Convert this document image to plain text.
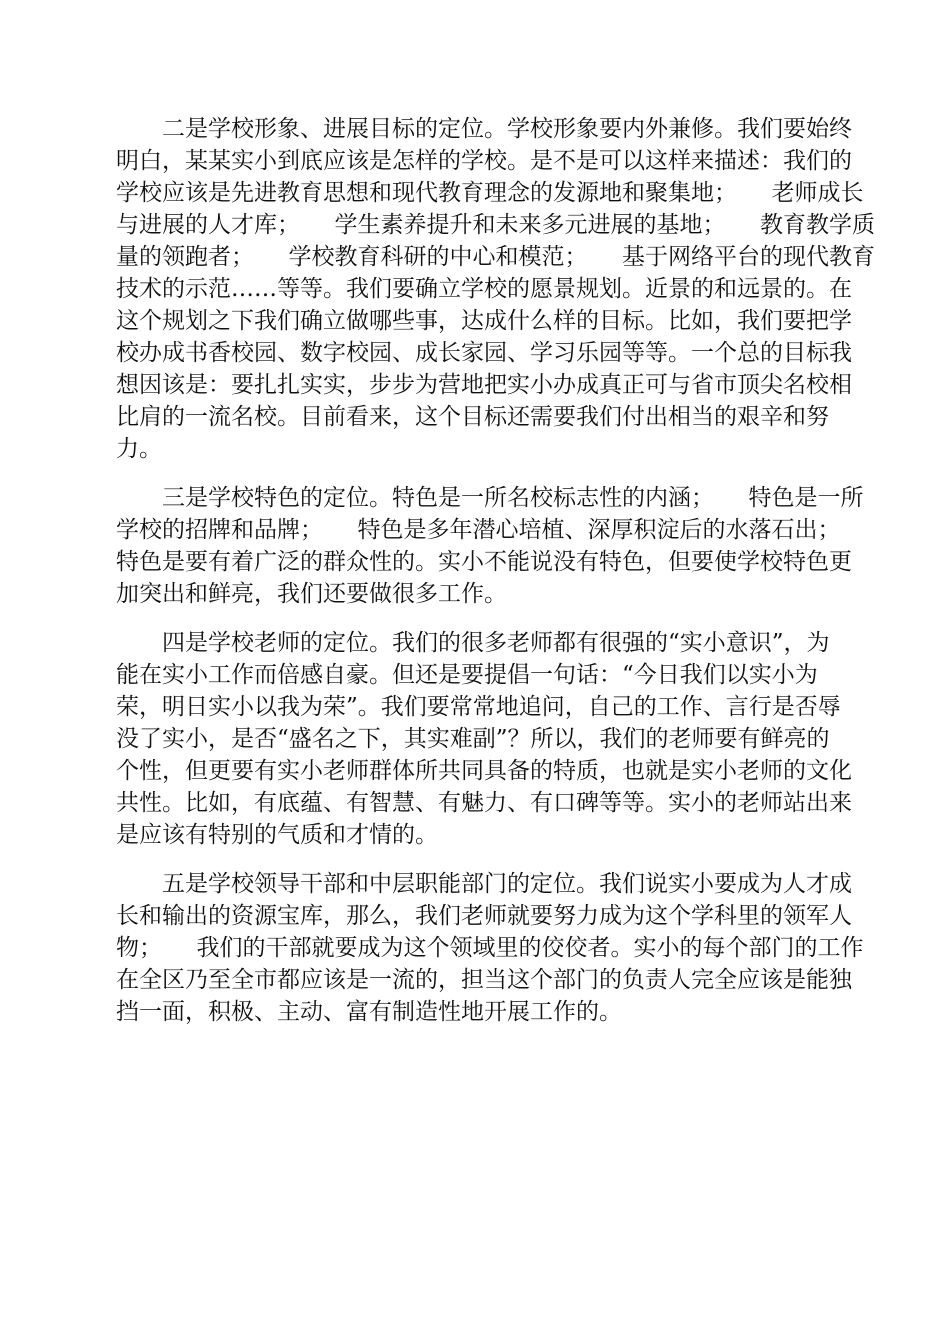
　　二是学校形象、进展目标的定位。学校形象要内外兼修。我们要始终
明白，某某实小到底应该是怎样的学校。是不是可以这样来描述：我们的
学校应该是先进教育思想和现代教育理念的发源地和聚集地；　　老师成长
与进展的人才库；　　学生素养提升和未来多元进展的基地；　　教育教学质
量的领跑者；　　学校教育科研的中心和模范；　　基于网络平台的现代教育
技术的示范……等等。我们要确立学校的愿景规划。近景的和远景的。在
这个规划之下我们确立做哪些事，达成什么样的目标。比如，我们要把学
校办成书香校园、数字校园、成长家园、学习乐园等等。一个总的目标我
想因该是：要扎扎实实，步步为营地把实小办成真正可与省市顶尖名校相
比肩的一流名校。目前看来，这个目标还需要我们付出相当的艰辛和努
力。

　　三是学校特色的定位。特色是一所名校标志性的内涵；　　特色是一所
学校的招牌和品牌；　　特色是多年潜心培植、深厚积淀后的水落石出；
特色是要有着广泛的群众性的。实小不能说没有特色，但要使学校特色更
加突出和鲜亮，我们还要做很多工作。

　　四是学校老师的定位。我们的很多老师都有很强的“实小意识”，为
能在实小工作而倍感自豪。但还是要提倡一句话：“今日我们以实小为
荣，明日实小以我为荣”。我们要常常地追问，自己的工作、言行是否辱
没了实小，是否“盛名之下，其实难副”？所以，我们的老师要有鲜亮的
个性，但更要有实小老师群体所共同具备的特质，也就是实小老师的文化
共性。比如，有底蕴、有智慧、有魅力、有口碑等等。实小的老师站出来
是应该有特别的气质和才情的。

　　五是学校领导干部和中层职能部门的定位。我们说实小要成为人才成
长和输出的资源宝库，那么，我们老师就要努力成为这个学科里的领军人
物；　　我们的干部就要成为这个领域里的佼佼者。实小的每个部门的工作
在全区乃至全市都应该是一流的，担当这个部门的负责人完全应该是能独
挡一面，积极、主动、富有制造性地开展工作的。
